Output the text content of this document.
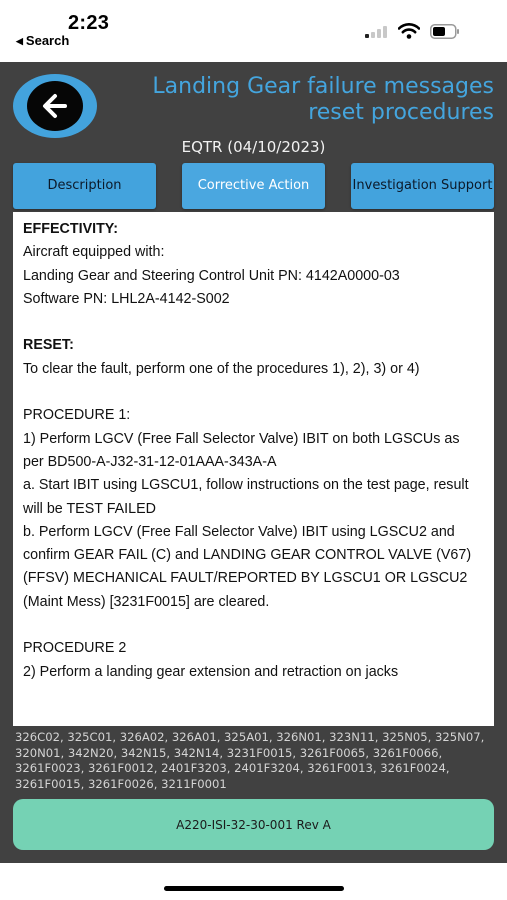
2:23
◀ Search
Landing Gear failure messages reset procedures
EQTR (04/10/2023)
Description	Corrective Action	Investigation Support

EFFECTIVITY:

Aircraft equipped with:

Landing Gear and Steering Control Unit PN: 4142A0000-03

Software PN: LHL2A-4142-S002

RESET:

To clear the fault, perform one of the procedures 1), 2), 3) or 4)

PROCEDURE 1:

1) Perform LGCV (Free Fall Selector Valve) IBIT on both LGSCUs as per BD500-A-J32-31-12-01AAA-343A-A

a. Start IBIT using LGSCU1, follow instructions on the test page, result will be TEST FAILED

b. Perform LGCV (Free Fall Selector Valve) IBIT using LGSCU2 and confirm GEAR FAIL (C) and LANDING GEAR CONTROL VALVE (V67) (FFSV) MECHANICAL FAULT/REPORTED BY LGSCU1 OR LGSCU2 (Maint Mess) [3231F0015] are cleared.

PROCEDURE 2

2) Perform a landing gear extension and retraction on jacks

326C02, 325C01, 326A02, 326A01, 325A01, 326N01, 323N11, 325N05, 325N07, 320N01, 342N20, 342N15, 342N14, 3231F0015, 3261F0065, 3261F0066, 3261F0023, 3261F0012, 2401F3203, 2401F3204, 3261F0013, 3261F0024, 3261F0015, 3261F0026, 3211F0001
A220-ISI-32-30-001 Rev A
